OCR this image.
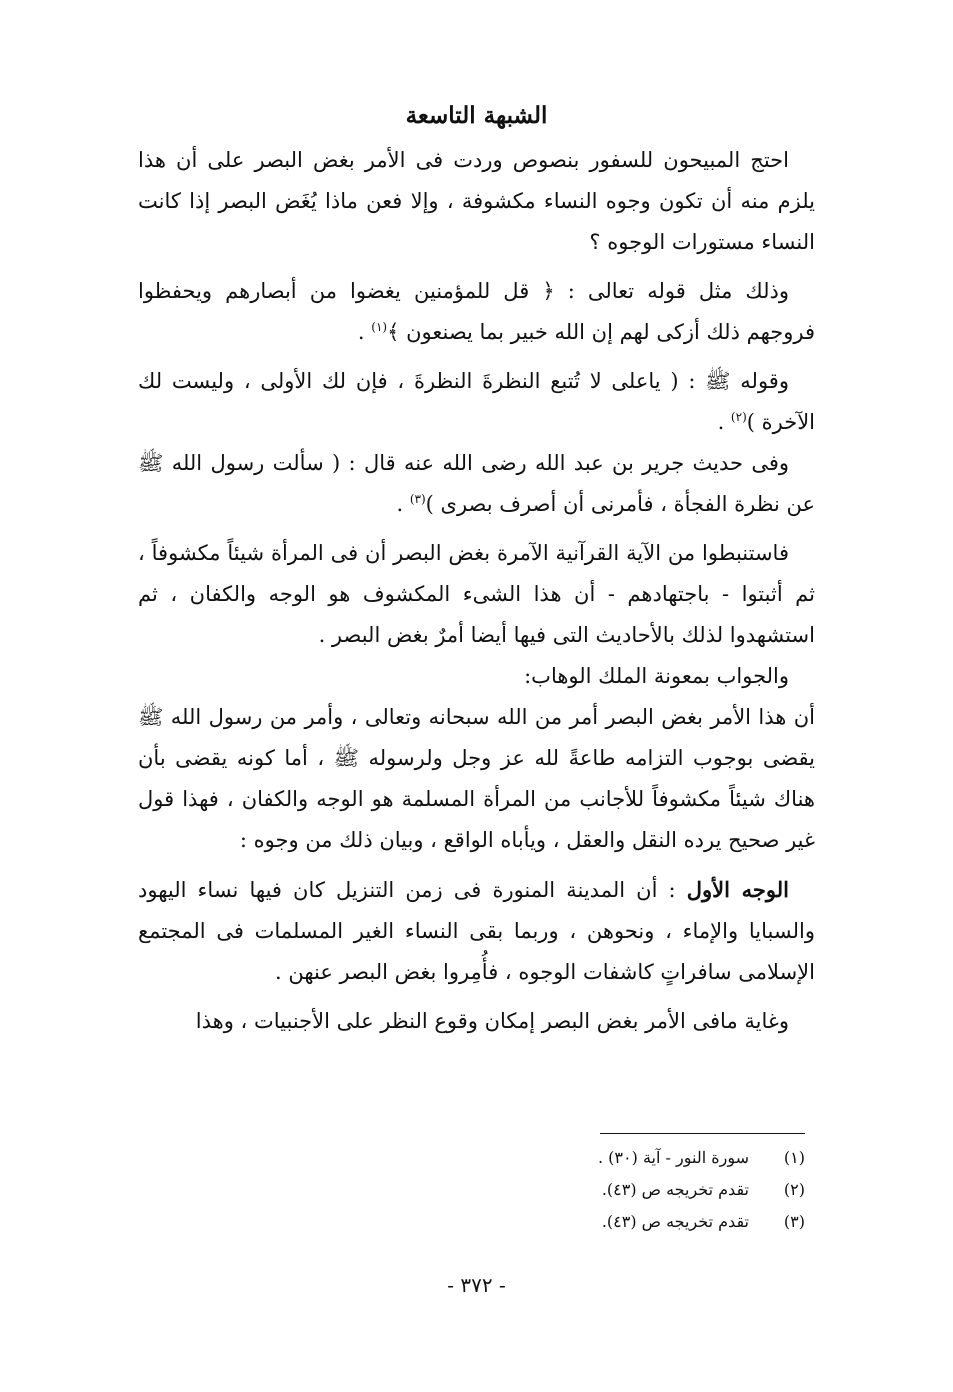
الشبهة التاسعة

احتج المبيحون للسفور بنصوص وردت فى الأمر بغض البصر على أن هذا يلزم منه أن تكون وجوه النساء مكشوفة ، وإلا فعن ماذا يُغَض البصر إذا كانت النساء مستورات الوجوه ؟

وذلك مثل قوله تعالى : ﴿ قل للمؤمنين يغضوا من أبصارهم ويحفظوا فروجهم ذلك أزكى لهم إن الله خبير بما يصنعون ﴾$^{(١)}$ .

وقوله ﷺ : ( ياعلى لا تُتبع النظرةَ النظرةَ ، فإن لك الأولى ، وليست لك الآخرة )$^{(٢)}$ .

وفى حديث جرير بن عبد الله رضى الله عنه قال : ( سألت رسول الله ﷺ عن نظرة الفجأة ، فأمرنى أن أصرف بصرى )$^{(٣)}$ .

فاستنبطوا من الآية القرآنية الآمرة بغض البصر أن فى المرأة شيئاً مكشوفاً ، ثم أثبتوا - باجتهادهم - أن هذا الشىء المكشوف هو الوجه والكفان ، ثم استشهدوا لذلك بالأحاديث التى فيها أيضا أمرٌ بغض البصر .

والجواب بمعونة الملك الوهاب:

أن هذا الأمر بغض البصر أمر من الله سبحانه وتعالى ، وأمر من رسول الله ﷺ يقضى بوجوب التزامه طاعةً لله عز وجل ولرسوله ﷺ ، أما كونه يقضى بأن هناك شيئاً مكشوفاً للأجانب من المرأة المسلمة هو الوجه والكفان ، فهذا قول غير صحيح يرده النقل والعقل ، ويأباه الواقع ، وبيان ذلك من وجوه :

الوجه الأول : أن المدينة المنورة فى زمن التنزيل كان فيها نساء اليهود والسبايا والإماء ، ونحوهن ، وربما بقى النساء الغير المسلمات فى المجتمع الإسلامى سافراتٍ كاشفات الوجوه ، فأُمِروا بغض البصر عنهن .

وغاية مافى الأمر بغض البصر إمكان وقوع النظر على الأجنبيات ، وهذا

(١)
سورة النور - آية (٣٠) .
(٢)
تقدم تخريجه ص (٤٣).
(٣)
تقدم تخريجه ص (٤٣).
- ٣٧٢ -
